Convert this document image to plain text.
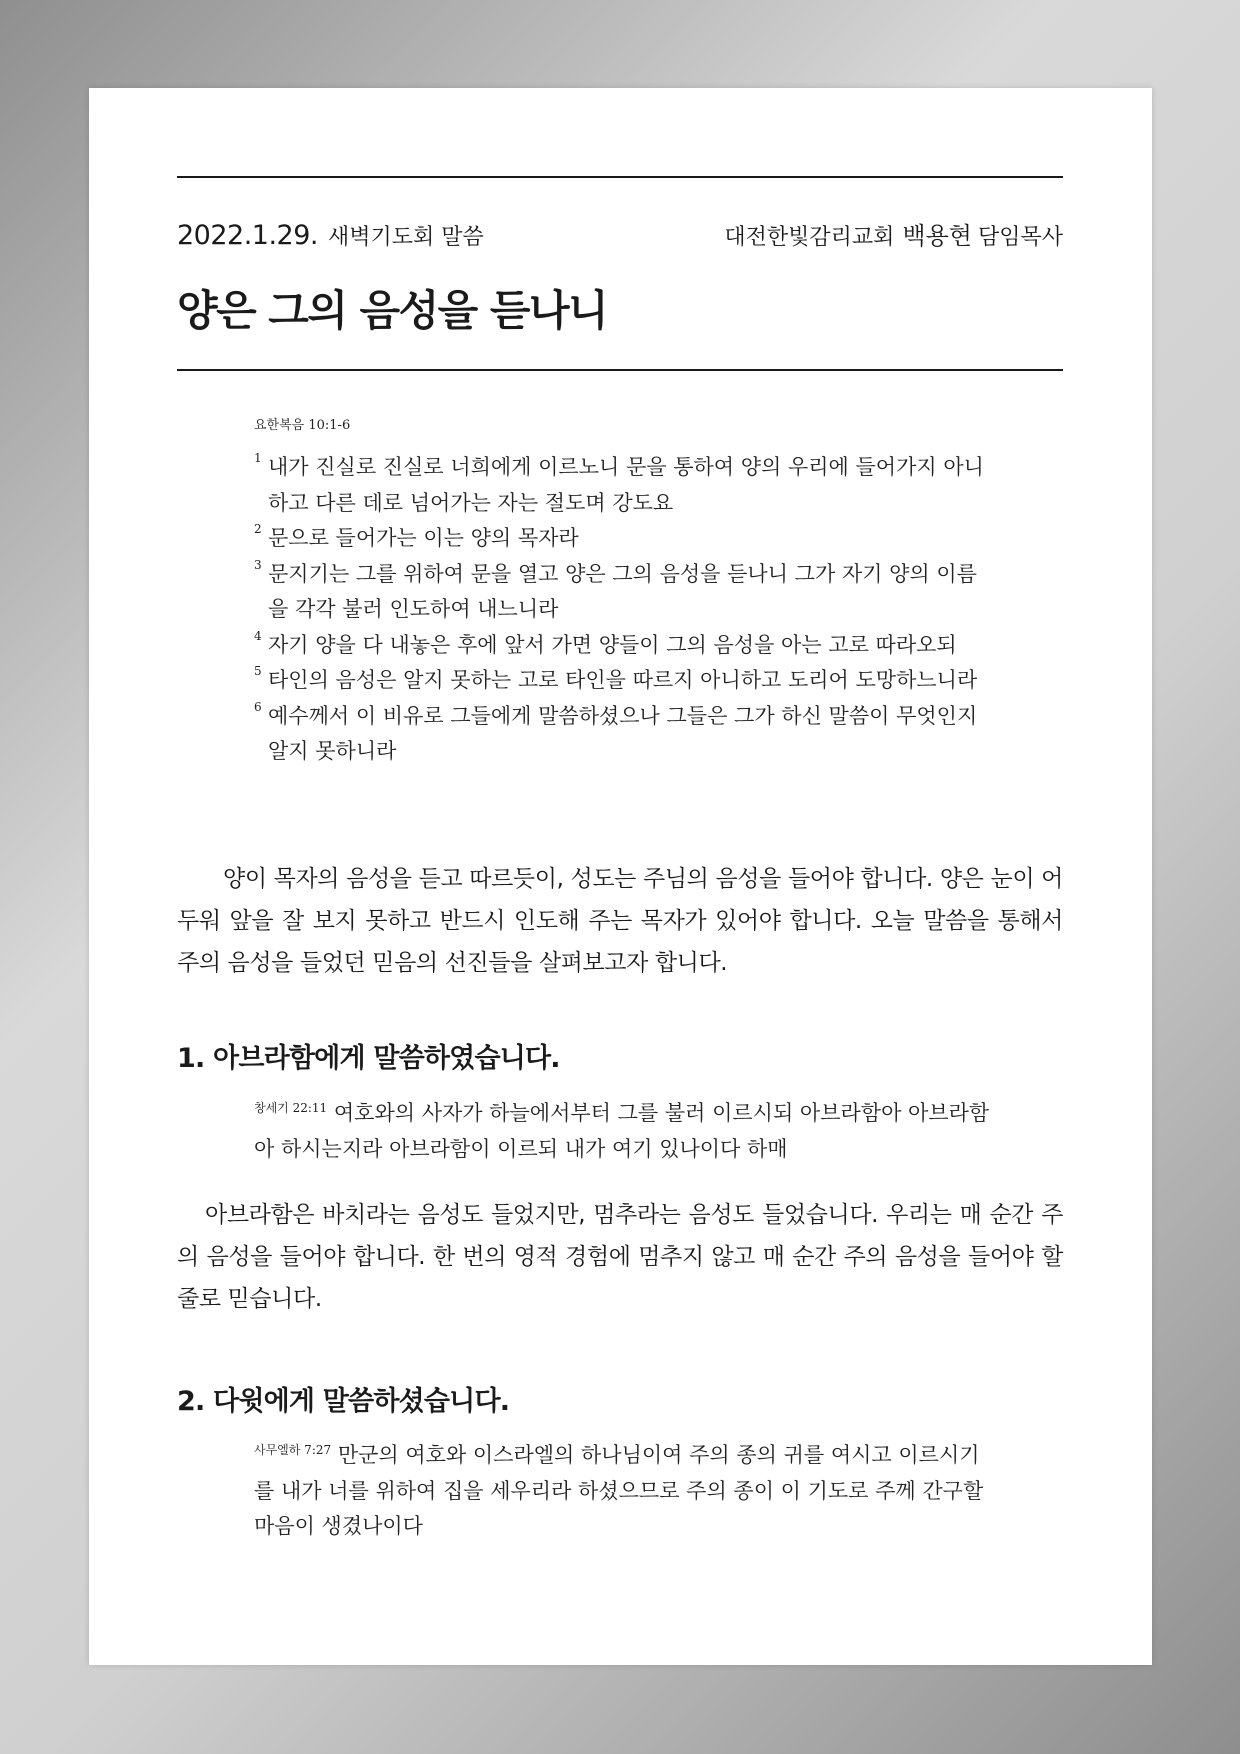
2022.1.29. 새벽기도회 말씀	대전한빛감리교회 백용현 담임목사
양은 그의 음성을 듣나니
요한복음 10:1-6
1 내가 진실로 진실로 너희에게 이르노니 문을 통하여 양의 우리에 들어가지 아니하고 다른 데로 넘어가는 자는 절도며 강도요
2 문으로 들어가는 이는 양의 목자라
3 문지기는 그를 위하여 문을 열고 양은 그의 음성을 듣나니 그가 자기 양의 이름을 각각 불러 인도하여 내느니라
4 자기 양을 다 내놓은 후에 앞서 가면 양들이 그의 음성을 아는 고로 따라오되
5 타인의 음성은 알지 못하는 고로 타인을 따르지 아니하고 도리어 도망하느니라
6 예수께서 이 비유로 그들에게 말씀하셨으나 그들은 그가 하신 말씀이 무엇인지 알지 못하니라

양이 목자의 음성을 듣고 따르듯이, 성도는 주님의 음성을 들어야 합니다. 양은 눈이 어두워 앞을 잘 보지 못하고 반드시 인도해 주는 목자가 있어야 합니다. 오늘 말씀을 통해서 주의 음성을 들었던 믿음의 선진들을 살펴보고자 합니다.

1. 아브라함에게 말씀하였습니다.
$^{창세기 22:11}$ 여호와의 사자가 하늘에서부터 그를 불러 이르시되 아브라함아 아브라함아 하시는지라 아브라함이 이르되 내가 여기 있나이다 하매

아브라함은 바치라는 음성도 들었지만, 멈추라는 음성도 들었습니다. 우리는 매 순간 주의 음성을 들어야 합니다. 한 번의 영적 경험에 멈추지 않고 매 순간 주의 음성을 들어야 할 줄로 믿습니다.

2. 다윗에게 말씀하셨습니다.
$^{사무엘하 7:27}$ 만군의 여호와 이스라엘의 하나님이여 주의 종의 귀를 여시고 이르시기를 내가 너를 위하여 집을 세우리라 하셨으므로 주의 종이 이 기도로 주께 간구할 마음이 생겼나이다
